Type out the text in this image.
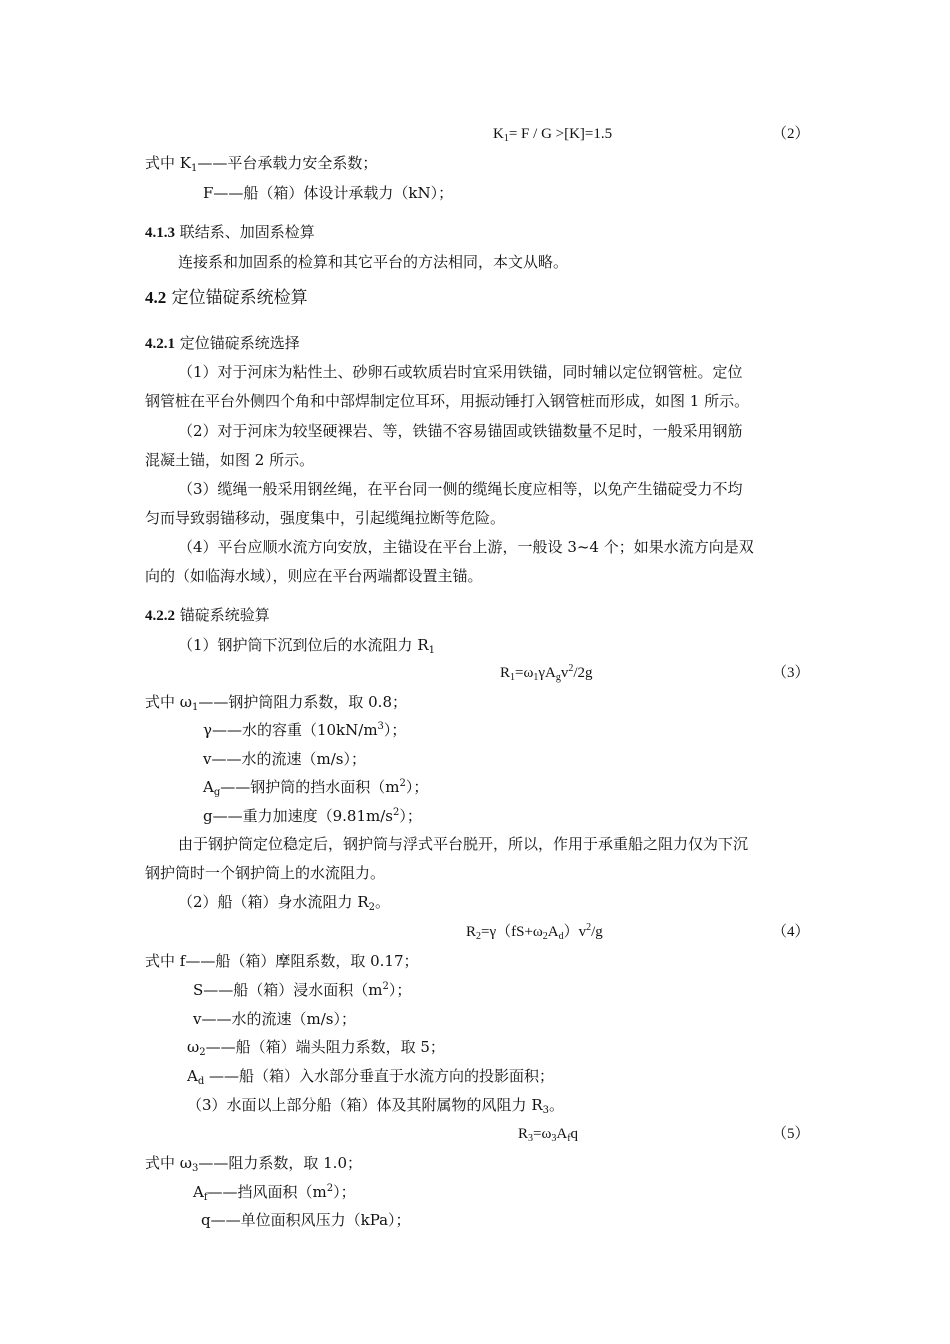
$K_1= F / G >[K]=1.5$	（2）
式中 $K_1——$平台承载力安全系数；
F——船（箱）体设计承载力（kN）；
4.1.3 联结系、加固系检算
连接系和加固系的检算和其它平台的方法相同，本文从略。
4.2 定位锚碇系统检算
4.2.1 定位锚碇系统选择
（1）对于河床为粘性土、砂卵石或软质岩时宜采用铁锚，同时辅以定位钢管桩。定位
钢管桩在平台外侧四个角和中部焊制定位耳环，用振动锤打入钢管桩而形成，如图 1 所示。
（2）对于河床为较坚硬裸岩、等，铁锚不容易锚固或铁锚数量不足时，一般采用钢筋
混凝土锚，如图 2 所示。
（3）缆绳一般采用钢丝绳，在平台同一侧的缆绳长度应相等，以免产生锚碇受力不均
匀而导致弱锚移动，强度集中，引起缆绳拉断等危险。
（4）平台应顺水流方向安放，主锚设在平台上游，一般设 3~4 个；如果水流方向是双
向的（如临海水域），则应在平台两端都设置主锚。
4.2.2 锚碇系统验算
（1）钢护筒下沉到位后的水流阻力 $R_1$
$R_1=\omega_1\gamma A_gv^2/2g$	（3）
式中 $\omega_1——$钢护筒阻力系数，取 0.8；
γ——水的容重$(10kN/m^3)$；
v——水的流速（m/s）；
$A_g——$钢护筒的挡水面积$(m^2)$；
g——重力加速度$(9.81m/s^2)$；
由于钢护筒定位稳定后，钢护筒与浮式平台脱开，所以，作用于承重船之阻力仅为下沉
钢护筒时一个钢护筒上的水流阻力。
（2）船（箱）身水流阻力 $R_2$。
$R_2=\gamma(fS+\omega_2A_d)v^2/g$	（4）
式中 f——船（箱）摩阻系数，取 0.17；
S——船（箱）浸水面积$(m^2)$；
v——水的流速（m/s）；
$\omega_2——$船（箱）端头阻力系数，取 5；
$A_d$ ——船（箱）入水部分垂直于水流方向的投影面积；
（3）水面以上部分船（箱）体及其附属物的风阻力 $R_3$。
$R_3=\omega_3A_fq$	（5）
式中 $\omega_3——$阻力系数，取 1.0；
$A_f——$挡风面积$(m^2)$；
q——单位面积风压力（kPa）；
